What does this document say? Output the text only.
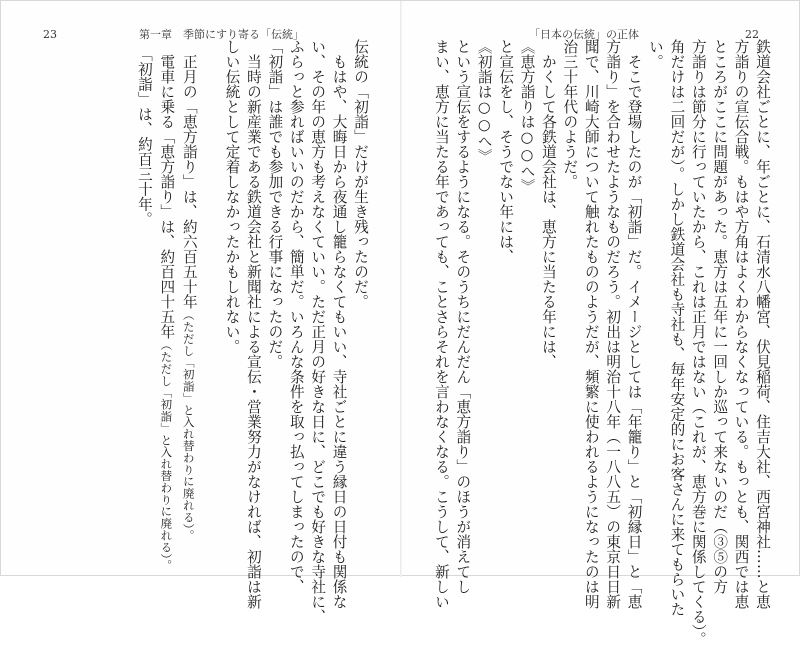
23	第一章　季節にすり寄る「伝統」	「日本の伝統」の正体	22
鉄道会社ごとに、年ごとに、石清水八幡宮、伏見稲荷、住吉大社、西宮神社……と恵
方詣りの宣伝合戦。もはや方角はよくわからなくなっている。もっとも、関西では恵
ところがここに問題があった。恵方は五年に一回しか巡って来ないのだ（③⑤の方
方詣りは節分に行っていたから、これは正月ではない（これが、恵方巻に関係してくる）。
角だけは二回だが）。しかし鉄道会社も寺社も、毎年安定的にお客さんに来てもらいた
い。
　そこで登場したのが「初詣」だ。イメージとしては「年籠り」と「初縁日」と「恵
方詣り」を合わせたようなものだろう。初出は明治十八年（一八八五）の東京日日新
聞で、川崎大師について触れたもののようだが、頻繁に使われるようになったのは明
治三十年代のようだ。
　かくして各鉄道会社は、恵方に当たる年には、
《恵方詣りは○○へ》
と宣伝をし、そうでない年には、
《初詣は○○へ》
という宣伝をするようになる。そのうちにだんだん「恵方詣り」のほうが消えてし
まい、恵方に当たる年であっても、ことさらそれを言わなくなる。こうして、新しい
伝統の「初詣」だけが生き残ったのだ。
　もはや、大晦日から夜通し籠らなくてもいい、寺社ごとに違う縁日の日付も関係な
い、その年の恵方も考えなくていい。ただ正月の好きな日に、どこでも好きな寺社に、
ふらっと参ればいいのだから、簡単だ。いろんな条件を取っ払ってしまったので、
「初詣」は誰でも参加できる行事になったのだ。
　当時の新産業である鉄道会社と新聞社による宣伝・営業努力がなければ、初詣は新
しい伝統として定着しなかったかもしれない。

　正月の「恵方詣り」は、約六百五十年（ただし「初詣」と入れ替わりに廃れる）。
　電車に乗る「恵方詣り」は、約百四十五年（ただし「初詣」と入れ替わりに廃れる）。
　「初詣」は、約百三十年。
